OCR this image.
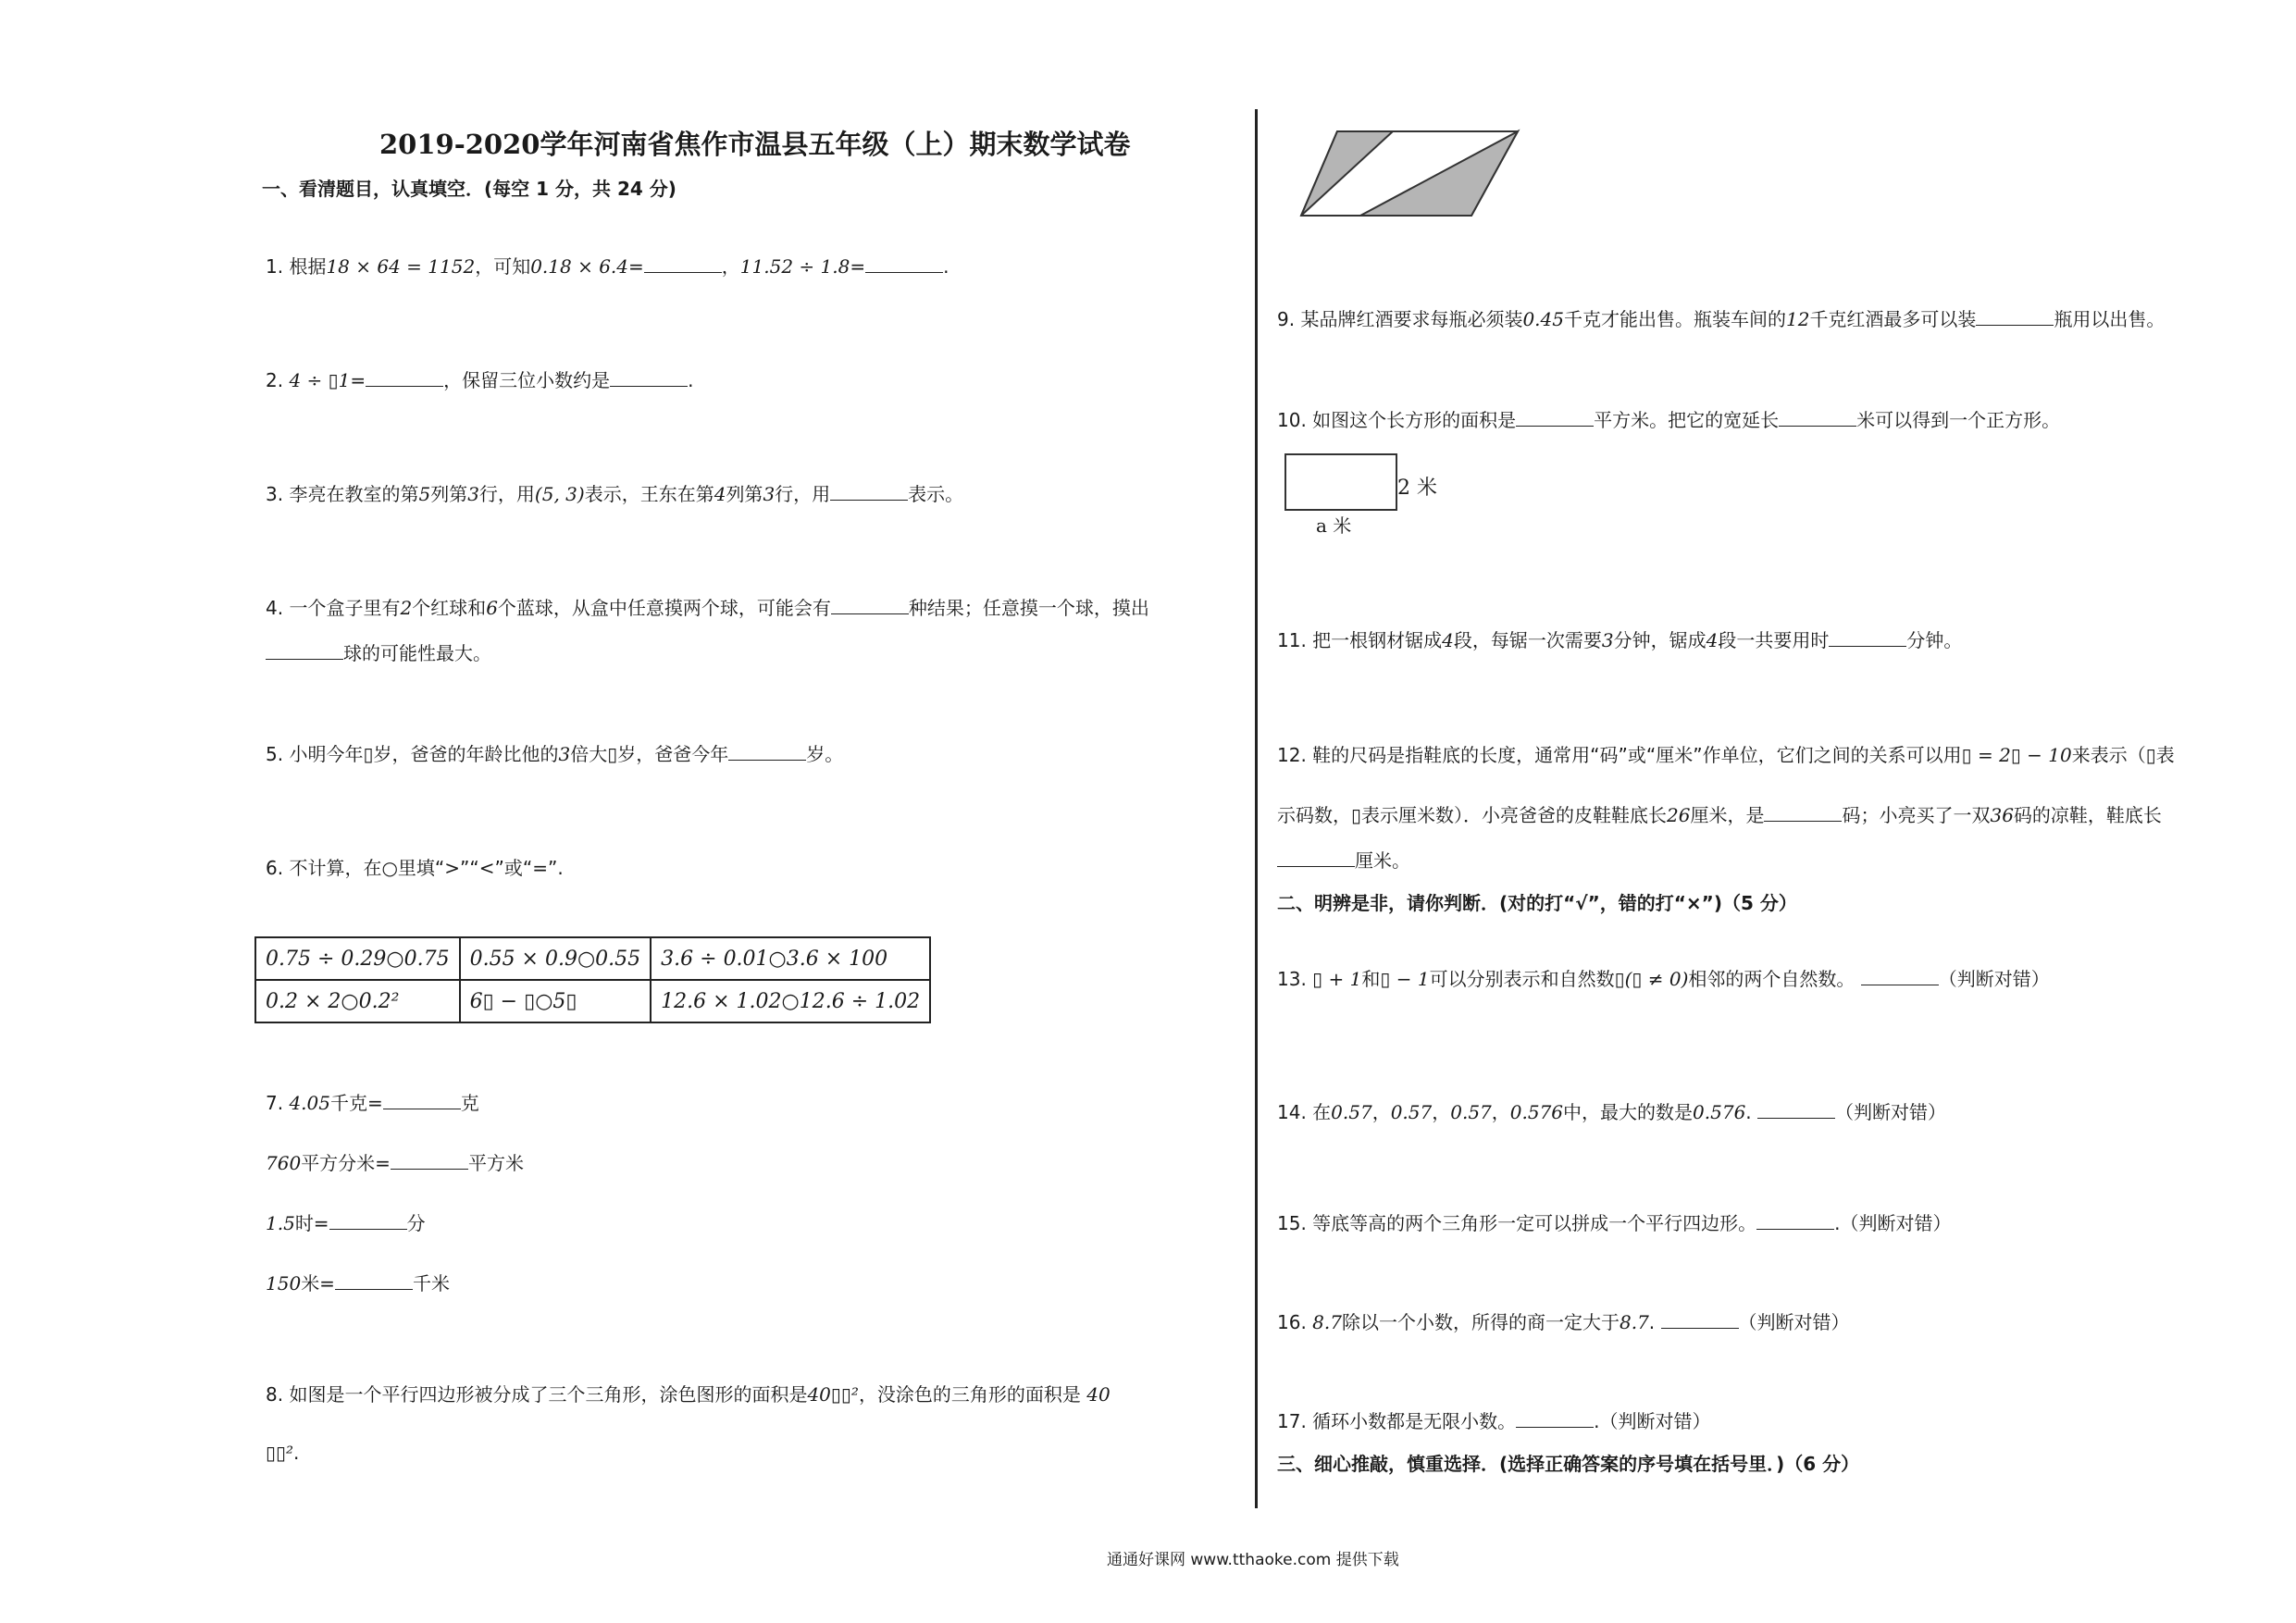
2019-2020学年河南省焦作市温县五年级（上）期末数学试卷
一、看清题目，认真填空．(每空 1 分，共 24 分)
1. 根据18 × 64 = 1152，可知0.18 × 6.4=	，11.52 ÷ 1.8=	.
2. 4 ÷ ▯1=	，保留三位小数约是	.
3. 李亮在教室的第5列第3行，用(5, 3)表示，王东在第4列第3行，用	表示。
4. 一个盒子里有2个红球和6个蓝球，从盒中任意摸两个球，可能会有	种结果；任意摸一个球，摸出
球的可能性最大。
5. 小明今年▯岁，爸爸的年龄比他的3倍大▯岁，爸爸今年	岁。
6. 不计算，在○里填“>”“<”或“=”.
0.75 ÷ 0.29○0.75	0.55 × 0.9○0.55	3.6 ÷ 0.01○3.6 × 100
0.2 × 2○0.2²	6▯ − ▯○5▯	12.6 × 1.02○12.6 ÷ 1.02
7. 4.05千克=	克
760平方分米=	平方米
1.5时=	分
150米=	千米
8. 如图是一个平行四边形被分成了三个三角形，涂色图形的面积是40▯▯²，没涂色的三角形的面积是 40
▯▯².
9. 某品牌红酒要求每瓶必须装0.45千克才能出售。瓶装车间的12千克红酒最多可以装	瓶用以出售。
10. 如图这个长方形的面积是	平方米。把它的宽延长	米可以得到一个正方形。
2 米
a 米
11. 把一根钢材锯成4段，每锯一次需要3分钟，锯成4段一共要用时	分钟。
12. 鞋的尺码是指鞋底的长度，通常用“码”或“厘米”作单位，它们之间的关系可以用▯ = 2▯ − 10来表示（▯表
示码数，▯表示厘米数）．小亮爸爸的皮鞋鞋底长26厘米，是	码；小亮买了一双36码的凉鞋，鞋底长
厘米。
二、明辨是非，请你判断．(对的打“√”，错的打“×”)（5 分）
13. ▯ + 1和▯ − 1可以分别表示和自然数▯(▯ ≠ 0)相邻的两个自然数。	（判断对错）
14. 在0.57，0.57，0.57，0.576中，最大的数是0.576.	（判断对错）
15. 等底等高的两个三角形一定可以拼成一个平行四边形。	.（判断对错）
16. 8.7除以一个小数，所得的商一定大于8.7.	（判断对错）
17. 循环小数都是无限小数。	.（判断对错）
三、细心推敲，慎重选择．(选择正确答案的序号填在括号里．)（6 分）
通通好课网 www.tthaoke.com 提供下载
